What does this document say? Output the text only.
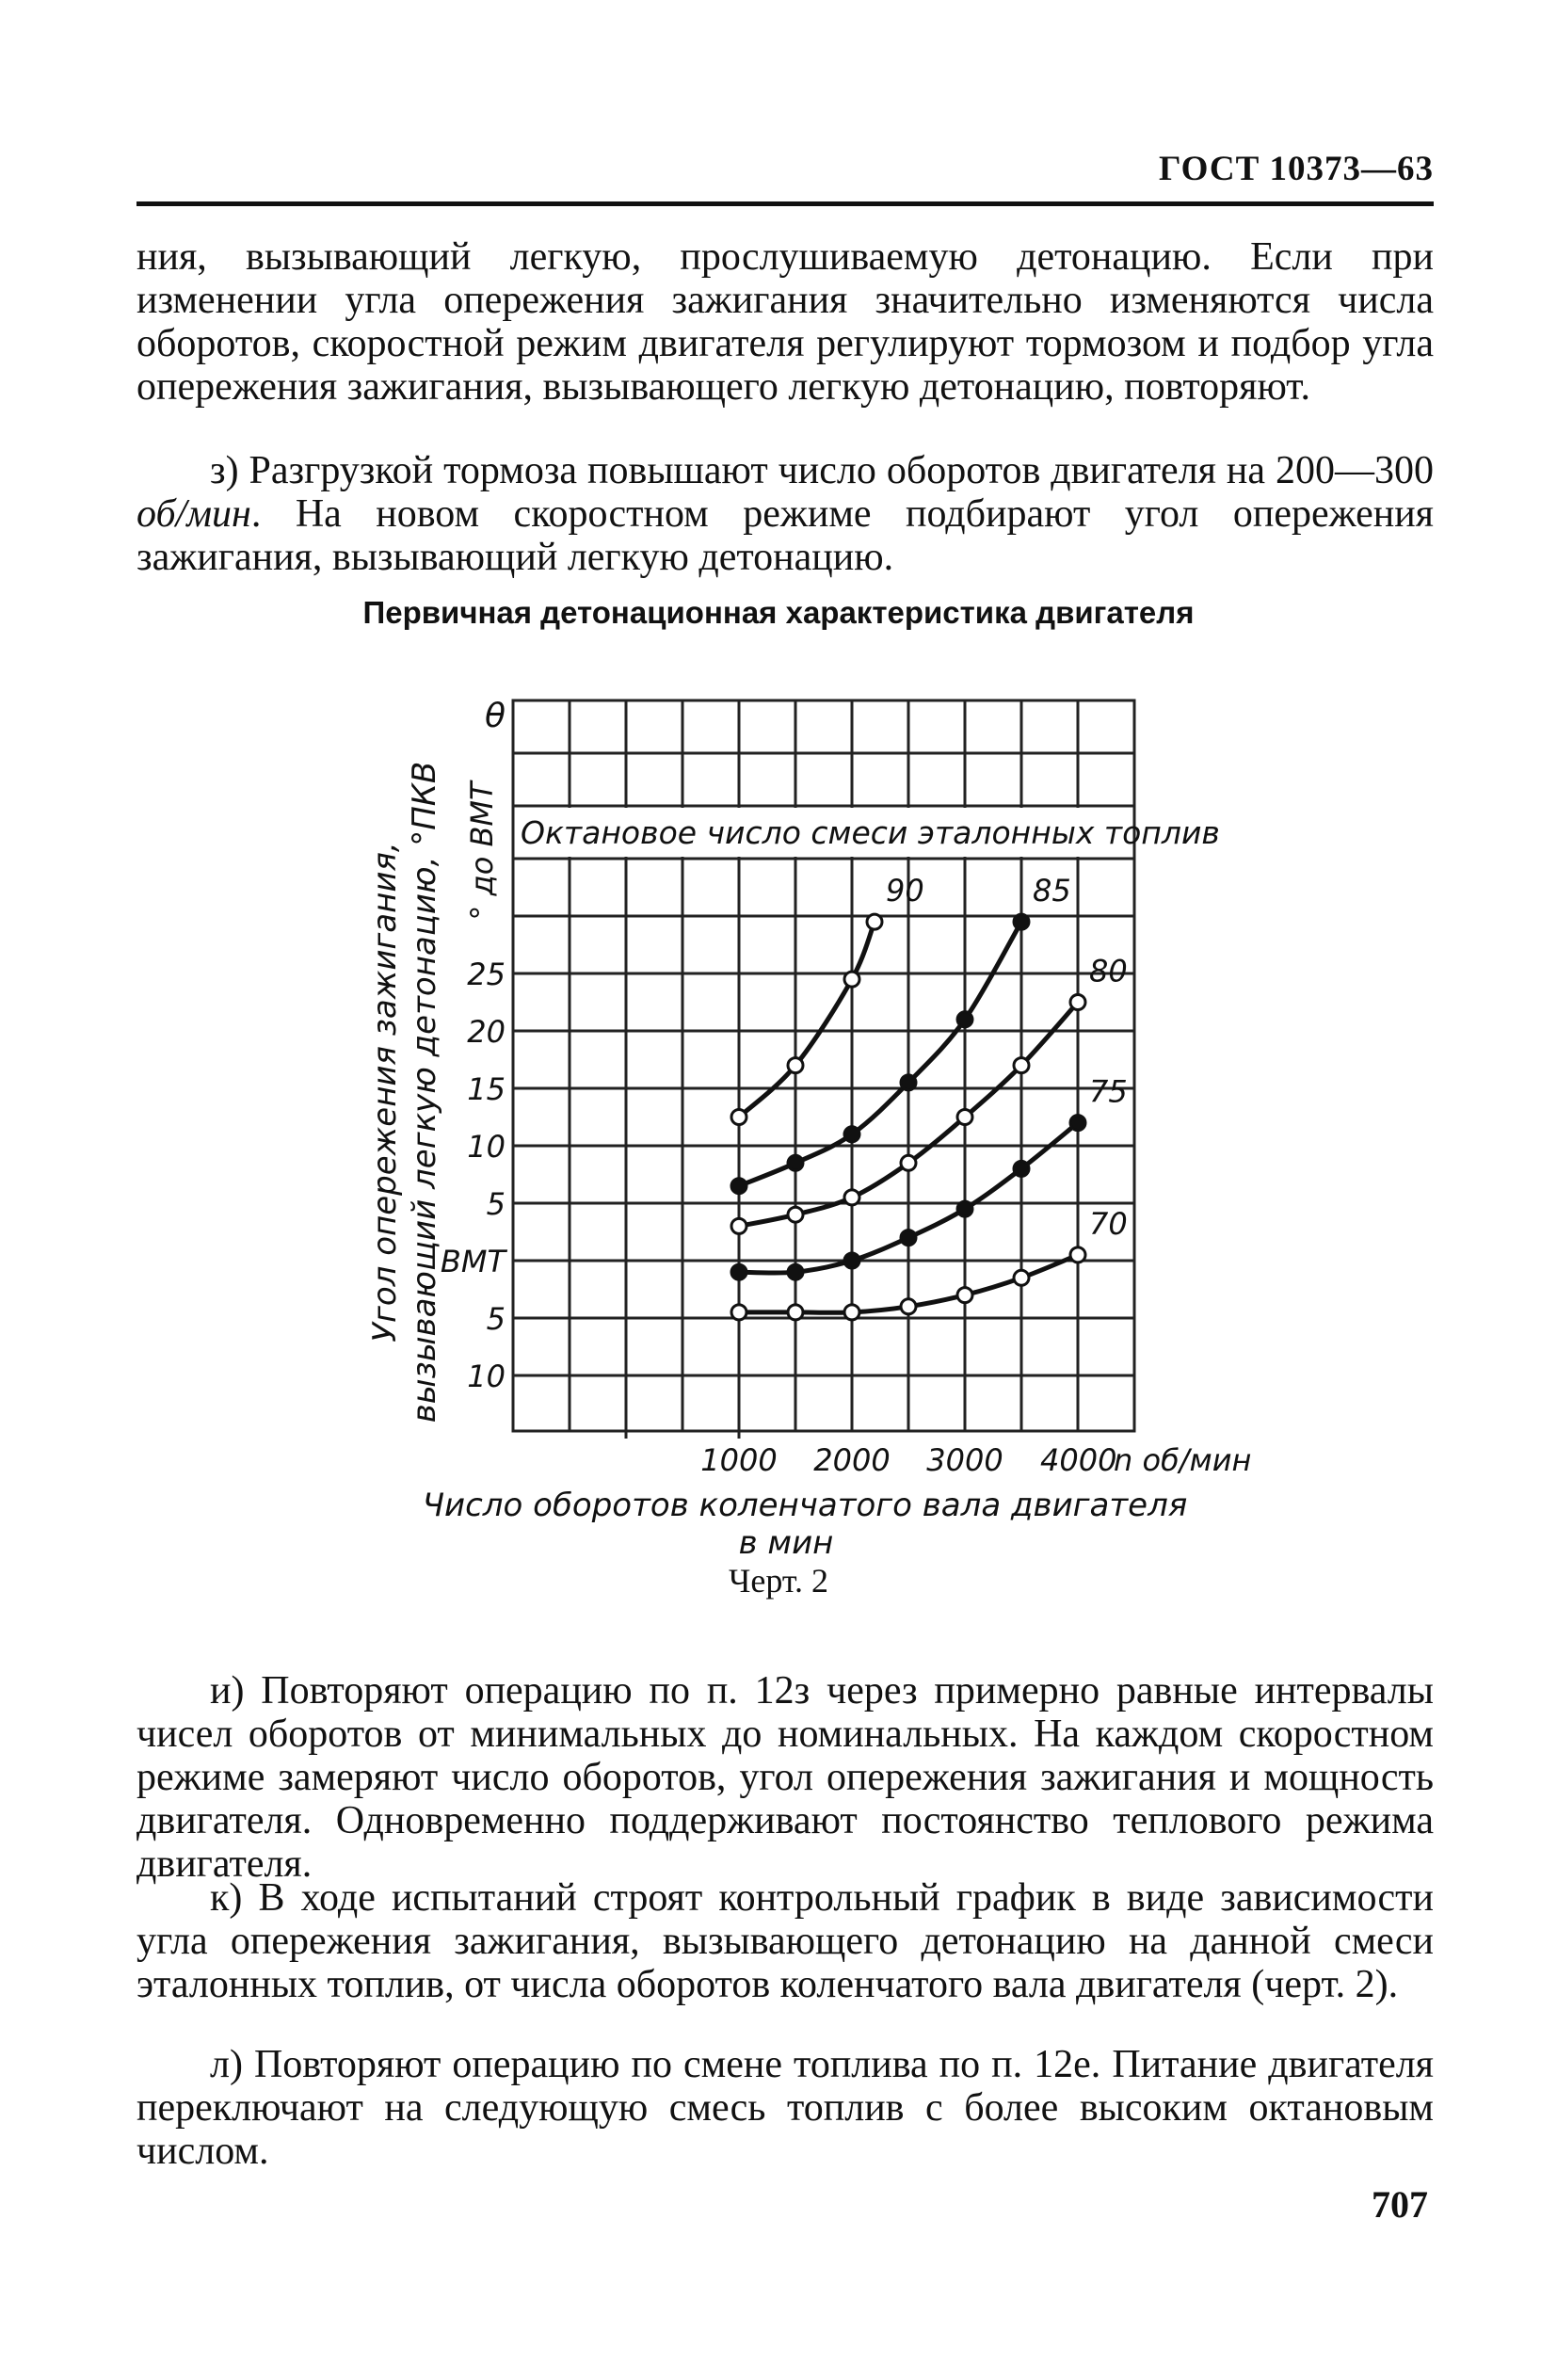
ГОСТ 10373—63

ния, вызывающий легкую, прослушиваемую детонацию. Если при изменении угла опережения зажигания значительно изменяются числа оборотов, скоростной режим двигателя регулируют тормозом и подбор угла опережения зажигания, вызывающего легкую детонацию, повторяют.

з) Разгрузкой тормоза повышают число оборотов двигателя на 200—300 об/мин. На новом скоростном режиме подбирают угол опережения зажигания, вызывающий легкую детонацию.

Первичная детонационная характеристика двигателя
Октановое число смеси эталонных топлив
90	85
80
75
70
25
20
15
10
5
ВМТ
5
10
θ
° до ВМТ
Угол опережения зажигания, вызывающий легкую детонацию, °ПКВ
1000 2000 3000 4000
n об/мин
Число оборотов коленчатого вала двигателя
в мин
Черт. 2

и) Повторяют операцию по п. 12з через примерно равные интервалы чисел оборотов от минимальных до номинальных. На каждом скоростном режиме замеряют число оборотов, угол опережения зажигания и мощность двигателя. Одновременно поддерживают постоянство теплового режима двигателя.

к) В ходе испытаний строят контрольный график в виде зависимости угла опережения зажигания, вызывающего детонацию на данной смеси эталонных топлив, от числа оборотов коленчатого вала двигателя (черт. 2).

л) Повторяют операцию по смене топлива по п. 12е. Питание двигателя переключают на следующую смесь топлив с более высоким октановым числом.

707
